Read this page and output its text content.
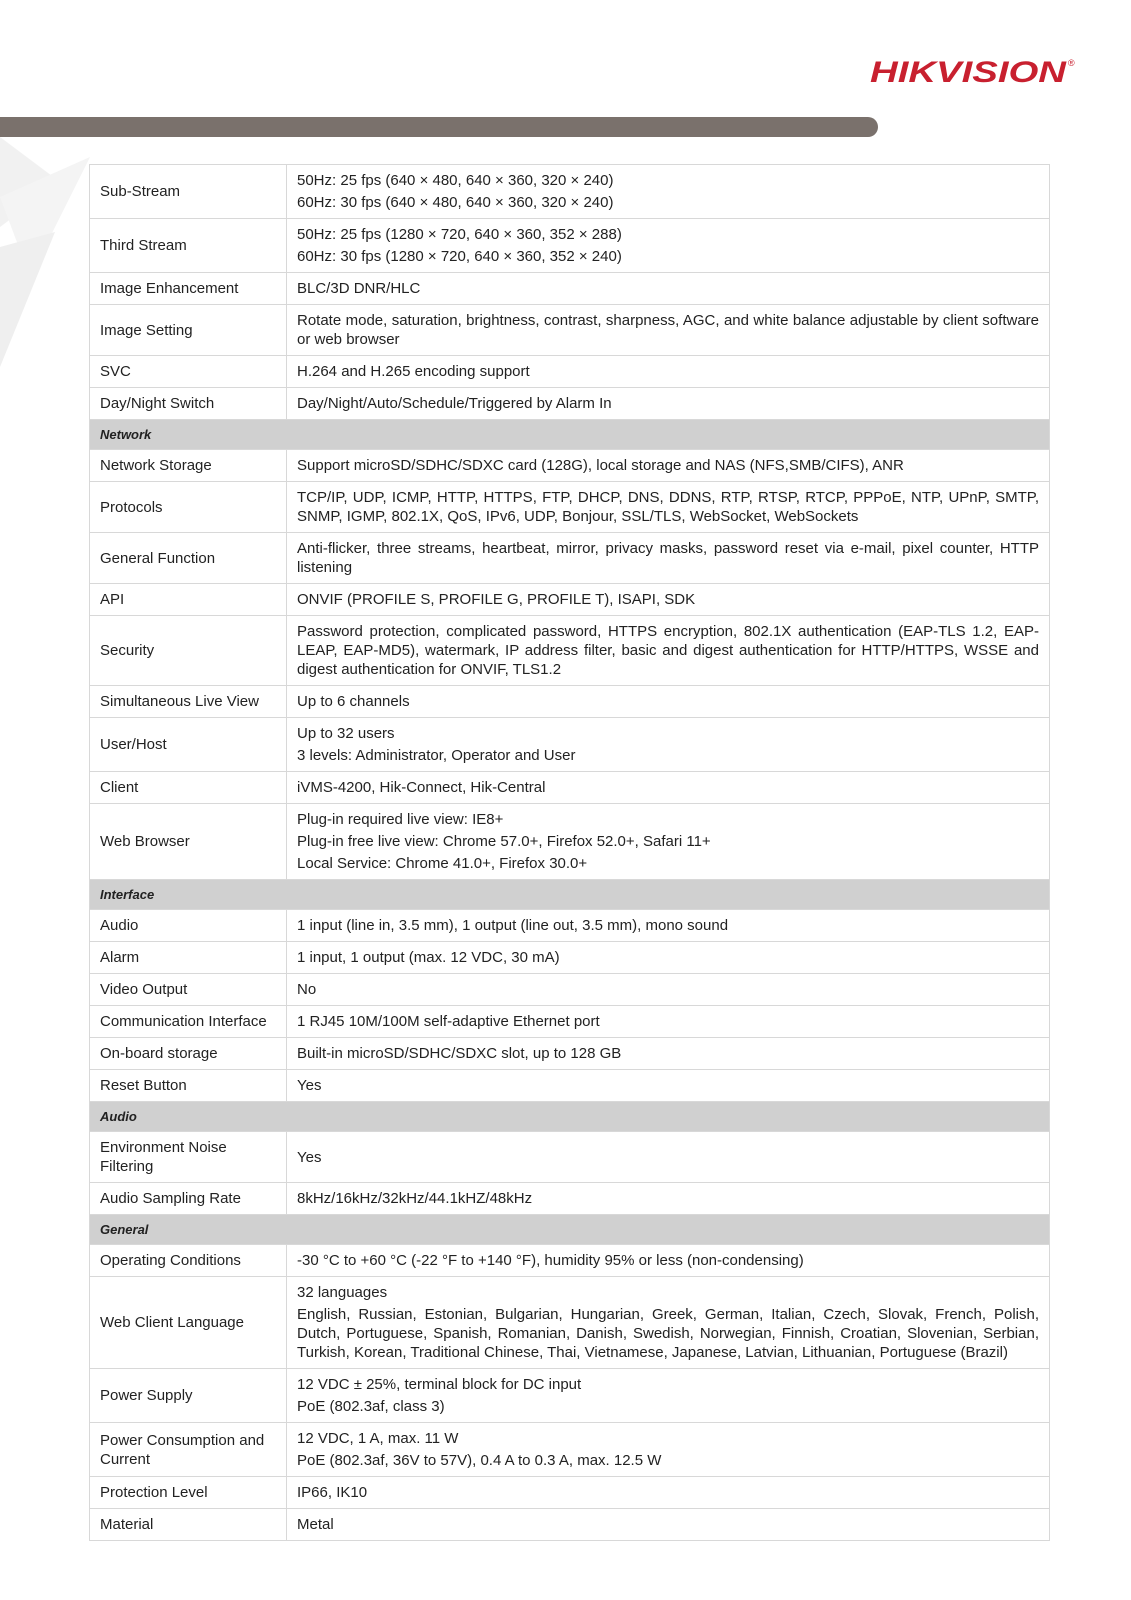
HIKVISION ®
Sub-Stream	50Hz: 25 fps (640 × 480, 640 × 360, 320 × 240)
60Hz: 30 fps (640 × 480, 640 × 360, 320 × 240)

Third Stream	50Hz: 25 fps (1280 × 720, 640 × 360, 352 × 288)
60Hz: 30 fps (1280 × 720, 640 × 360, 352 × 240)

Image Enhancement	BLC/3D DNR/HLC

Image Setting	Rotate mode, saturation, brightness, contrast, sharpness, AGC, and white balance adjustable by client software or web browser

SVC	H.264 and H.265 encoding support

Day/Night Switch	Day/Night/Auto/Schedule/Triggered by Alarm In

Network	
Network Storage	Support microSD/SDHC/SDXC card (128G), local storage and NAS (NFS,SMB/CIFS), ANR

Protocols	TCP/IP, UDP, ICMP, HTTP, HTTPS, FTP, DHCP, DNS, DDNS, RTP, RTSP, RTCP, PPPoE, NTP, UPnP, SMTP, SNMP, IGMP, 802.1X, QoS, IPv6, UDP, Bonjour, SSL/TLS, WebSocket, WebSockets

General Function	Anti-flicker, three streams, heartbeat, mirror, privacy masks, password reset via e-mail, pixel counter, HTTP listening

API	ONVIF (PROFILE S, PROFILE G, PROFILE T), ISAPI, SDK

Security	Password protection, complicated password, HTTPS encryption, 802.1X authentication (EAP-TLS 1.2, EAP-LEAP, EAP-MD5), watermark, IP address filter, basic and digest authentication for HTTP/HTTPS, WSSE and digest authentication for ONVIF, TLS1.2

Simultaneous Live View	Up to 6 channels

User/Host	Up to 32 users
3 levels: Administrator, Operator and User

Client	iVMS-4200, Hik-Connect, Hik-Central

Web Browser	Plug-in required live view: IE8+
Plug-in free live view: Chrome 57.0+, Firefox 52.0+, Safari 11+
Local Service: Chrome 41.0+, Firefox 30.0+

Interface	
Audio	1 input (line in, 3.5 mm), 1 output (line out, 3.5 mm), mono sound

Alarm	1 input, 1 output (max. 12 VDC, 30 mA)

Video Output	No

Communication Interface	1 RJ45 10M/100M self-adaptive Ethernet port

On-board storage	Built-in microSD/SDHC/SDXC slot, up to 128 GB

Reset Button	Yes

Audio	
Environment Noise Filtering	Yes

Audio Sampling Rate	8kHz/16kHz/32kHz/44.1kHZ/48kHz

General	
Operating Conditions	-30 °C to +60 °C (-22 °F to +140 °F), humidity 95% or less (non-condensing)

Web Client Language	32 languages
English, Russian, Estonian, Bulgarian, Hungarian, Greek, German, Italian, Czech, Slovak, French, Polish, Dutch, Portuguese, Spanish, Romanian, Danish, Swedish, Norwegian, Finnish, Croatian, Slovenian, Serbian, Turkish, Korean, Traditional Chinese, Thai, Vietnamese, Japanese, Latvian, Lithuanian, Portuguese (Brazil)

Power Supply	12 VDC ± 25%, terminal block for DC input
PoE (802.3af, class 3)

Power Consumption and Current	12 VDC, 1 A, max. 11 W
PoE (802.3af, 36V to 57V), 0.4 A to 0.3 A, max. 12.5 W

Protection Level	IP66, IK10

Material	Metal
